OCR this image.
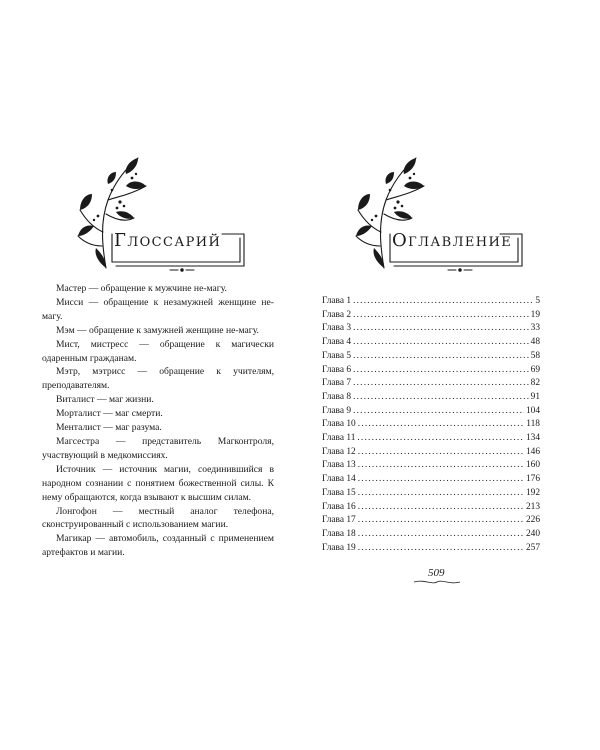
Глоссарий

Мастер — обращение к мужчине не-магу.

Мисси — обращение к незамужней женщине не-магу.

Мэм — обращение к замужней женщине не-магу.

Мист, мистресс — обращение к магически одаренным гражданам.

Мэтр, мэтрисс — обращение к учителям, преподавателям.

Виталист — маг жизни.

Морталист — маг смерти.

Менталист — маг разума.

Магсестра — представитель Магконтроля, участвующий в медкомиссиях.

Источник — источник магии, соединившийся в народном сознании с понятием божественной силы. К нему обращаются, когда взывают к высшим силам.

Лонгофон — местный аналог телефона, сконструированный с использованием магии.

Магикар — автомобиль, созданный с применением артефактов и магии.

Оглавление
Глава 1 .....	5
Глава 2 .....	19
Глава 3 .....	33
Глава 4 .....	48
Глава 5 .....	58
Глава 6 .....	69
Глава 7 .....	82
Глава 8 .....	91
Глава 9 .....	104
Глава 10 .....	118
Глава 11 .....	134
Глава 12 .....	146
Глава 13 .....	160
Глава 14 .....	176
Глава 15 .....	192
Глава 16 .....	213
Глава 17 .....	226
Глава 18 .....	240
Глава 19 .....	257
509
